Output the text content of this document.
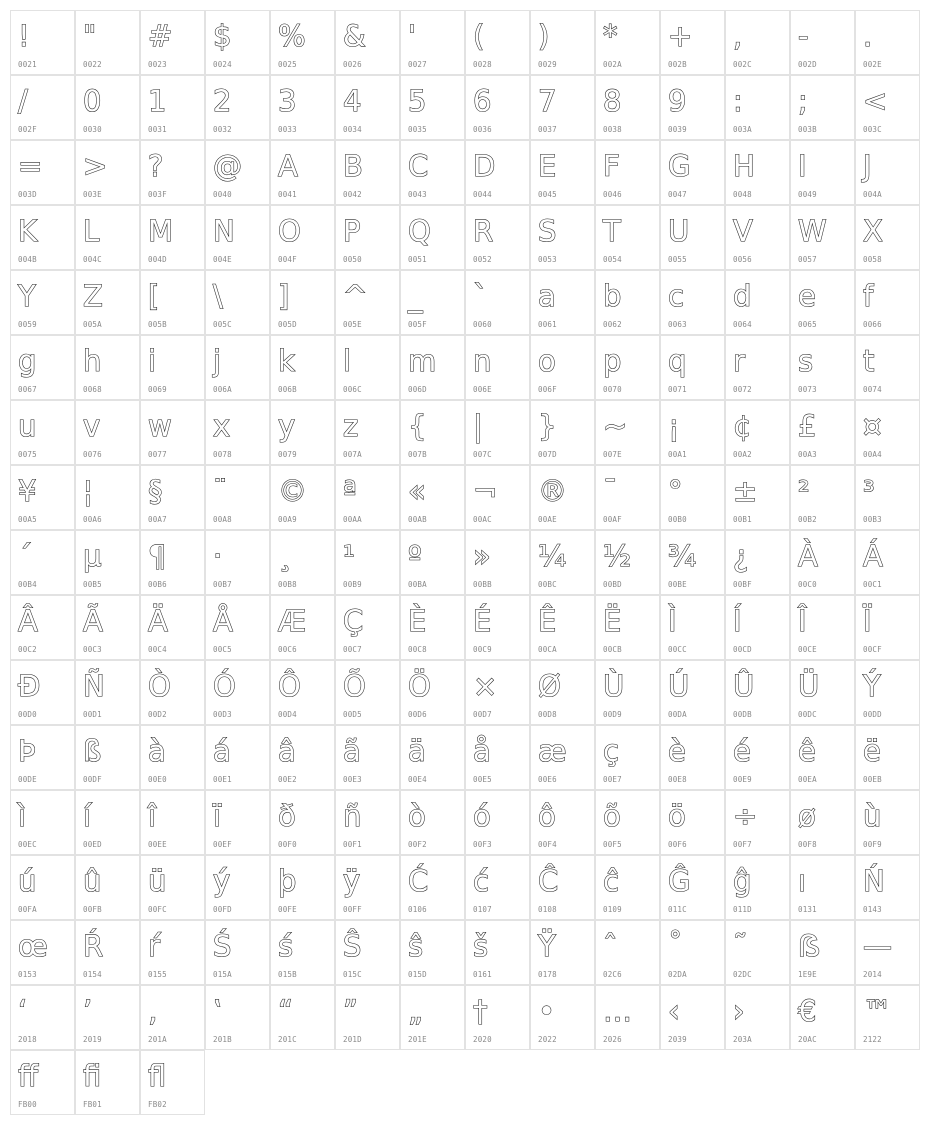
!
0021
"
0022
#
0023
$
0024
%
0025
&
0026
'
0027
(
0028
)
0029
*
002A
+
002B
,
002C
-
002D
.
002E
/
002F
0
0030
1
0031
2
0032
3
0033
4
0034
5
0035
6
0036
7
0037
8
0038
9
0039
:
003A
;
003B
<
003C
=
003D
>
003E
?
003F
@
0040
A
0041
B
0042
C
0043
D
0044
E
0045
F
0046
G
0047
H
0048
I
0049
J
004A
K
004B
L
004C
M
004D
N
004E
O
004F
P
0050
Q
0051
R
0052
S
0053
T
0054
U
0055
V
0056
W
0057
X
0058
Y
0059
Z
005A
[
005B
\
005C
]
005D
^
005E
_
005F
`
0060
a
0061
b
0062
c
0063
d
0064
e
0065
f
0066
g
0067
h
0068
i
0069
j
006A
k
006B
l
006C
m
006D
n
006E
o
006F
p
0070
q
0071
r
0072
s
0073
t
0074
u
0075
v
0076
w
0077
x
0078
y
0079
z
007A
{
007B
|
007C
}
007D
~
007E
¡
00A1
¢
00A2
£
00A3
¤
00A4
¥
00A5
¦
00A6
§
00A7
¨
00A8
©
00A9
ª
00AA
«
00AB
¬
00AC
®
00AE
¯
00AF
°
00B0
±
00B1
²
00B2
³
00B3
´
00B4
µ
00B5
¶
00B6
·
00B7
¸
00B8
¹
00B9
º
00BA
»
00BB
¼
00BC
½
00BD
¾
00BE
¿
00BF
À
00C0
Á
00C1
Â
00C2
Ã
00C3
Ä
00C4
Å
00C5
Æ
00C6
Ç
00C7
È
00C8
É
00C9
Ê
00CA
Ë
00CB
Ì
00CC
Í
00CD
Î
00CE
Ï
00CF
Ð
00D0
Ñ
00D1
Ò
00D2
Ó
00D3
Ô
00D4
Õ
00D5
Ö
00D6
×
00D7
Ø
00D8
Ù
00D9
Ú
00DA
Û
00DB
Ü
00DC
Ý
00DD
Þ
00DE
ß
00DF
à
00E0
á
00E1
â
00E2
ã
00E3
ä
00E4
å
00E5
æ
00E6
ç
00E7
è
00E8
é
00E9
ê
00EA
ë
00EB
ì
00EC
í
00ED
î
00EE
ï
00EF
ð
00F0
ñ
00F1
ò
00F2
ó
00F3
ô
00F4
õ
00F5
ö
00F6
÷
00F7
ø
00F8
ù
00F9
ú
00FA
û
00FB
ü
00FC
ý
00FD
þ
00FE
ÿ
00FF
Ć
0106
ć
0107
Ĉ
0108
ĉ
0109
Ĝ
011C
ĝ
011D
ı
0131
Ń
0143
œ
0153
Ŕ
0154
ŕ
0155
Ś
015A
ś
015B
Ŝ
015C
ŝ
015D
š
0161
Ÿ
0178
ˆ
02C6
˚
02DA
˜
02DC
ẞ
1E9E
—
2014
‘
2018
’
2019
‚
201A
‛
201B
“
201C
”
201D
„
201E
†
2020
•
2022
…
2026
‹
2039
›
203A
€
20AC
™
2122
ﬀ
FB00
ﬁ
FB01
ﬂ
FB02
